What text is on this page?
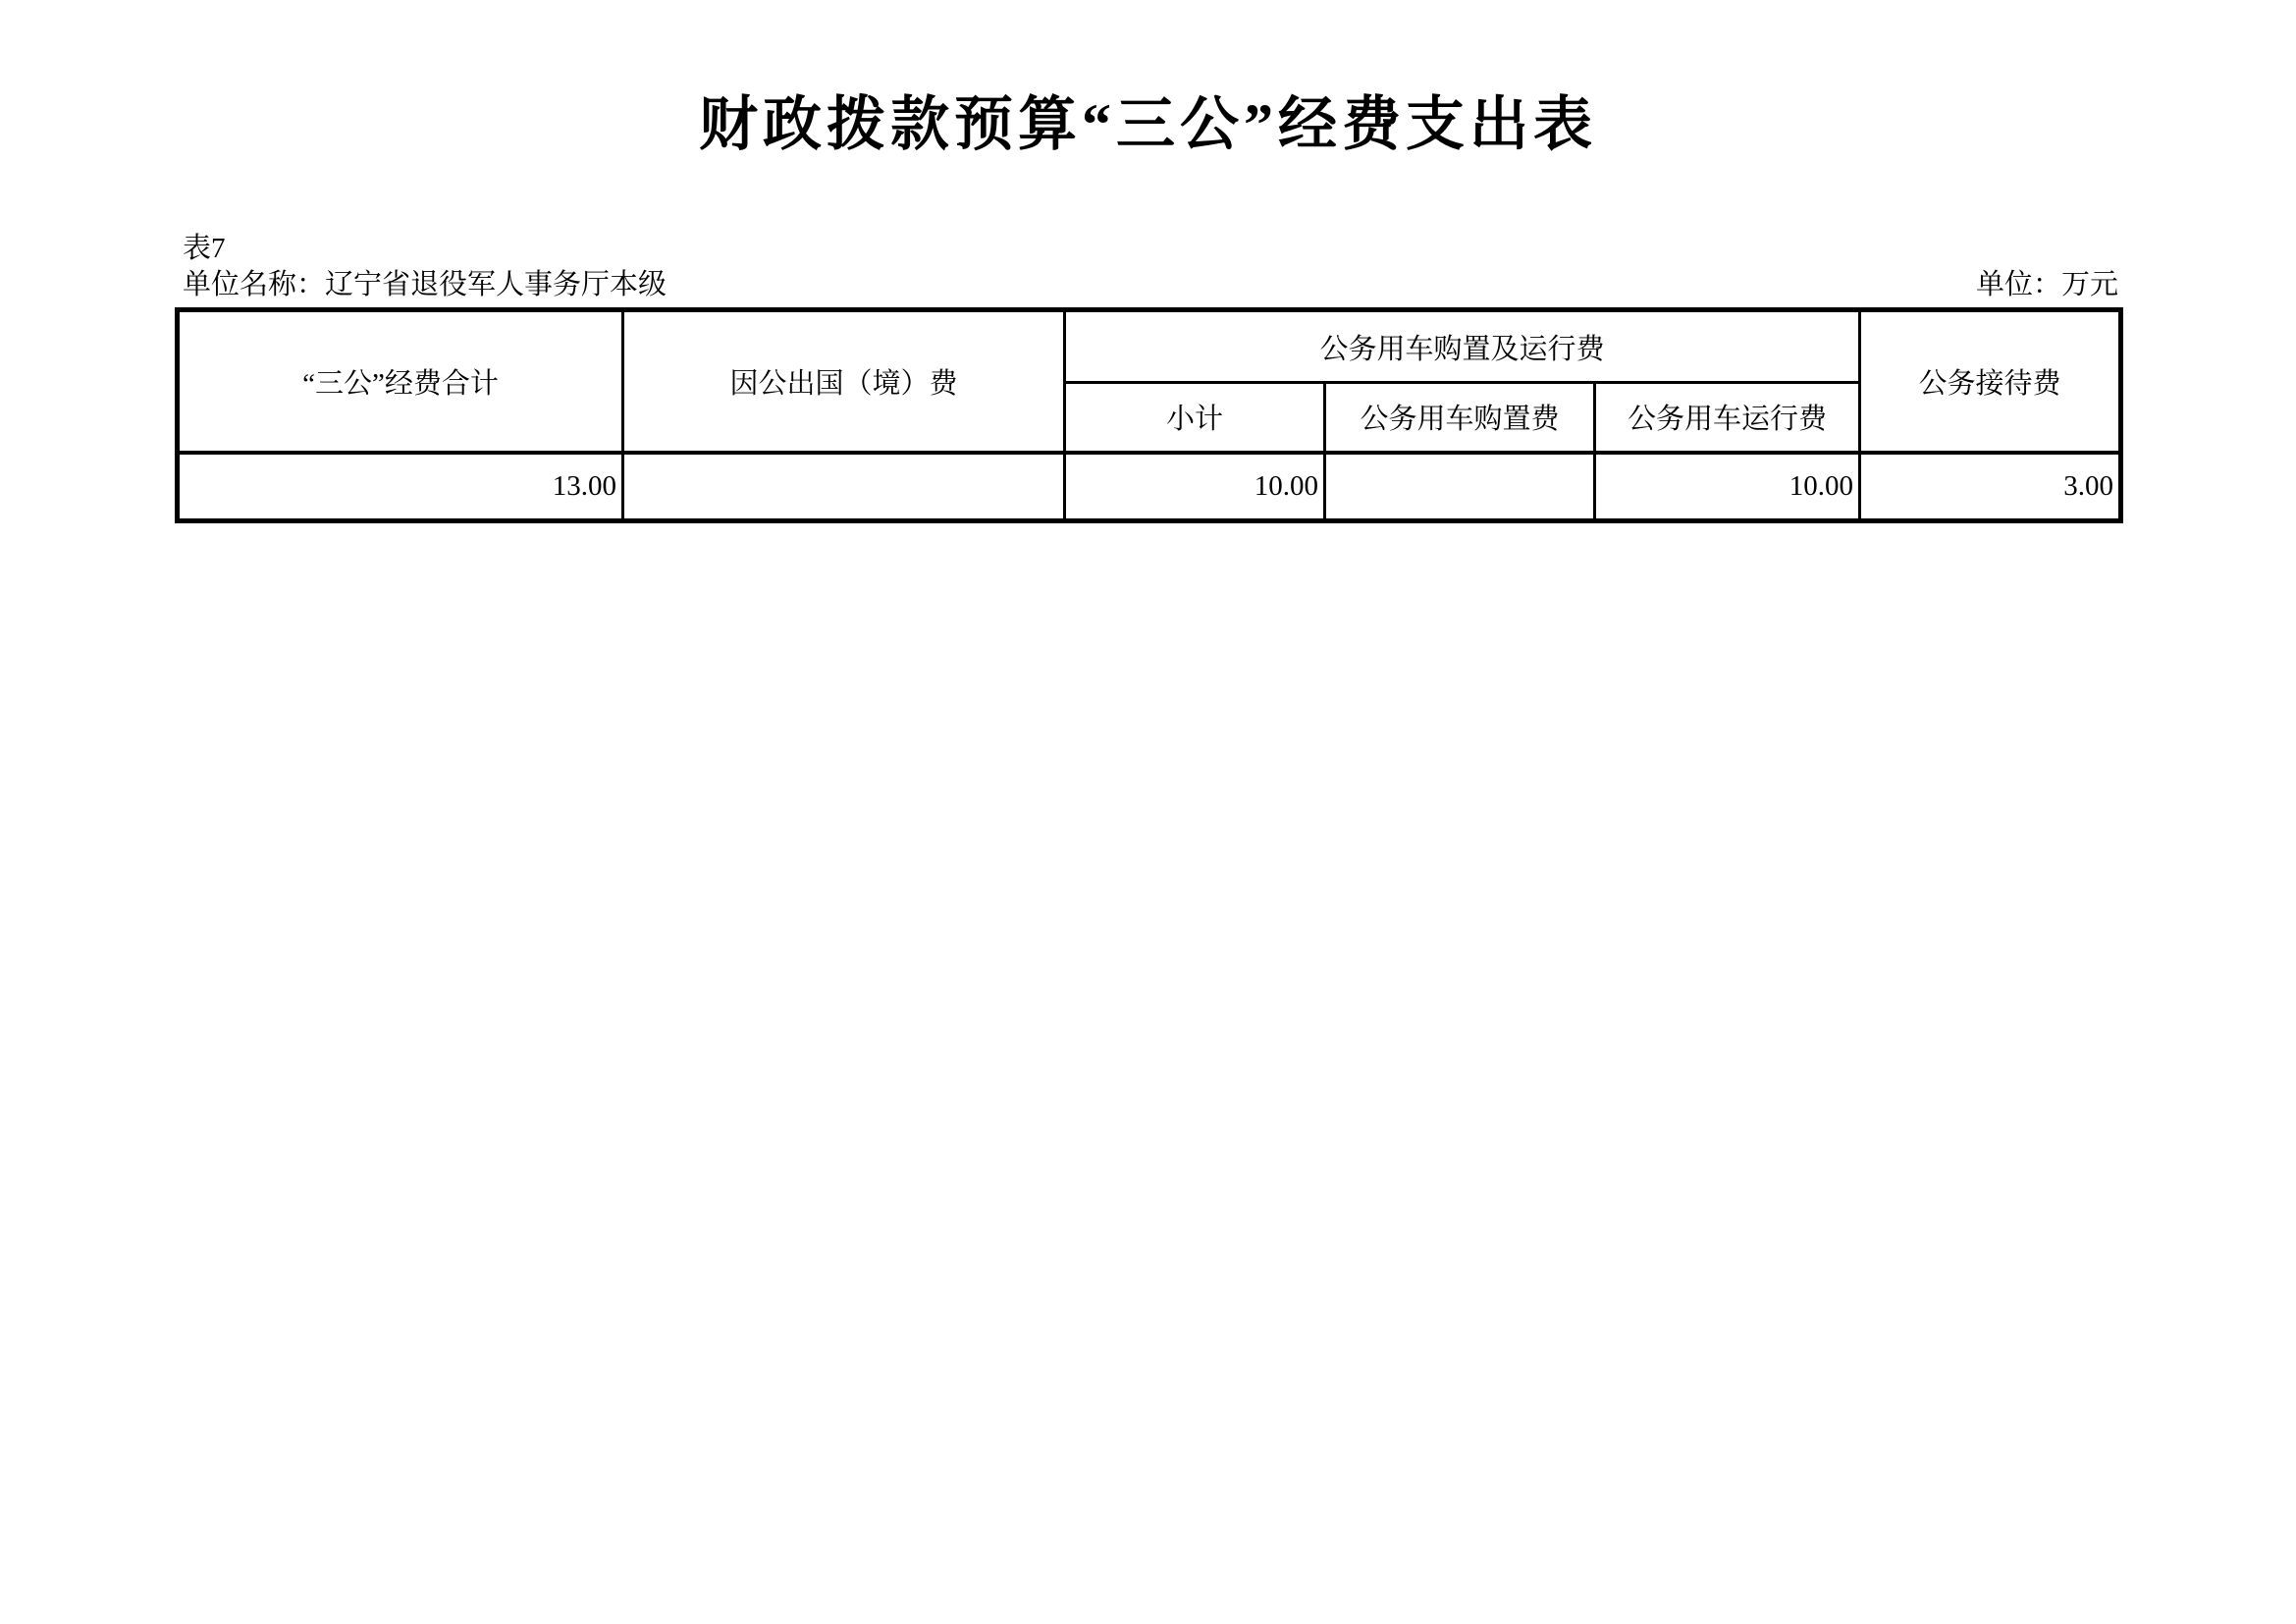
财政拨款预算“三公”经费支出表
表7
单位名称：辽宁省退役军人事务厅本级	单位：万元
“三公”经费合计	因公出国（境）费	公务用车购置及运行费			公务接待费
		小计	公务用车购置费	公务用车运行费	
13.00		10.00		10.00	3.00
